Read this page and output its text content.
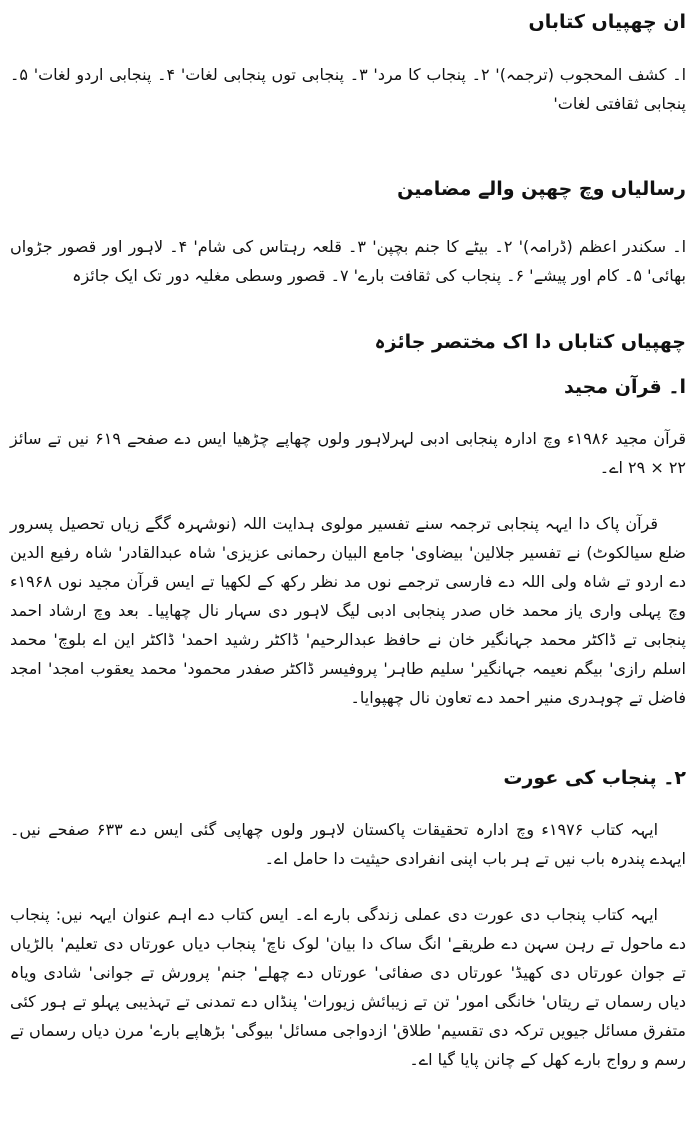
ان چھپیاں کتاباں
ا۔ کشف المحجوب (ترجمہ)' ۲۔ پنجاب کا مرد' ۳۔ پنجابی توں پنجابی لغات' ۴۔ پنجابی اردو لغات' ۵۔ پنجابی ثقافتی لغات'
رسالیاں وچ چھپن والے مضامین
ا۔ سکندر اعظم (ڈرامہ)' ۲۔ بیٹے کا جنم بچپن' ۳۔ قلعہ رہتاس کی شام' ۴۔ لاہور اور قصور جڑواں بھائی' ۵۔ کام اور پیشے' ۶۔ پنجاب کی ثقافت بارے' ۷۔ قصور وسطی مغلیہ دور تک ایک جائزہ
چھپیاں کتاباں دا اک مختصر جائزہ
ا۔ قرآن مجید
قرآن مجید ۱۹۸۶ء وچ ادارہ پنجابی ادبی لہرلاہور ولوں چھاپے چڑھیا ایس دے صفحے ۶۱۹ نیں تے سائز ۲۲ × ۲۹ اے۔
قرآن پاک دا ایہہ پنجابی ترجمہ سنے تفسیر مولوی ہدایت اللہ (نوشہرہ گگے زیاں تحصیل پسرور ضلع سیالکوٹ) نے تفسیر جلالین' بیضاوی' جامع البیان رحمانی عزیزی' شاہ عبدالقادر' شاہ رفیع الدین دے اردو تے شاہ ولی اللہ دے فارسی ترجمے نوں مد نظر رکھ کے لکھیا تے ایس قرآن مجید نوں ۱۹۶۸ء وچ پہلی واری یاز محمد خاں صدر پنجابی ادبی لیگ لاہور دی سہار نال چھاپیا۔ بعد وچ ارشاد احمد پنجابی تے ڈاکٹر محمد جہانگیر خان نے حافظ عبدالرحیم' ڈاکٹر رشید احمد' ڈاکٹر این اے بلوچ' محمد اسلم رازی' بیگم نعیمہ جہانگیر' سلیم طاہر' پروفیسر ڈاکٹر صفدر محمود' محمد یعقوب امجد' امجد فاضل تے چوہدری منیر احمد دے تعاون نال چھپوایا۔
۲۔ پنجاب کی عورت
ایہہ کتاب ۱۹۷۶ء وچ ادارہ تحقیقات پاکستان لاہور ولوں چھاپی گئی ایس دے ۶۳۳ صفحے نیں۔ ایہدے پندرہ باب نیں تے ہر باب اپنی انفرادی حیثیت دا حامل اے۔
ایہہ کتاب پنجاب دی عورت دی عملی زندگی بارے اے۔ ایس کتاب دے اہم عنوان ایہہ نیں: پنجاب دے ماحول تے رہن سہن دے طریقے' انگ ساک دا بیان' لوک ناچ' پنجاب دیاں عورتاں دی تعلیم' بالڑیاں تے جوان عورتاں دی کھیڈ' عورتاں دی صفائی' عورتاں دے چھلے' جنم' پرورش تے جوانی' شادی ویاہ دیاں رسماں تے ریتاں' خانگی امور' تن تے زیبائش زیورات' پنڈاں دے تمدنی تے تہذیبی پہلو تے ہور کئی متفرق مسائل جیویں ترکہ دی تقسیم' طلاق' ازدواجی مسائل' بیوگی' بڑھاپے بارے' مرن دیاں رسماں تے رسم و رواج بارے کھل کے چانن پایا گیا اے۔
